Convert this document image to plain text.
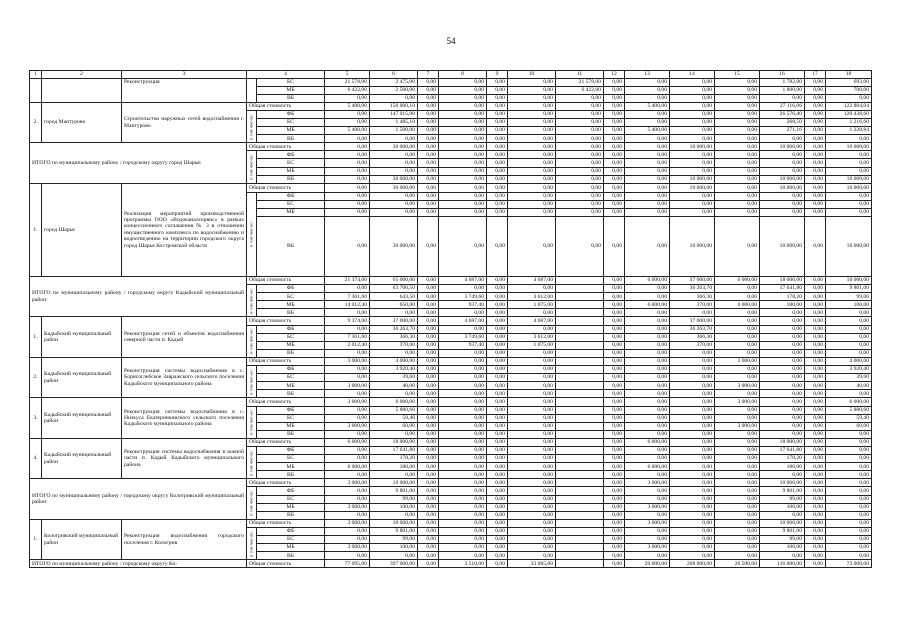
54
1	2	3	4		5	6	7	8	9	10	11	12	13	14	15	16	17	18
		Реконструкция		БС	21 578,00	2 475,00	0,00	0,00	0,00	0,00	21 578,00	0,00	0,00	0,00	0,00	1 782,00	0,00	693,00
				МБ	6 422,00	2 500,00	0,00	0,00	0,00	0,00	6 422,00	0,00	0,00	0,00	0,00	1 800,00	0,00	700,00
				ВБ	0,00	0,00	0,00	0,00	0,00	0,00	0,00	0,00	0,00	0,00	0,00	0,00	0,00	0,00
2.	город Мантурово	Строительство наружных сетей водоснабжения г. Мантурово	Общая стоимость		5 400,00	150 000,10	0,00	0,00	0,00	0,00	0,00	0,00	5 400,00	0,00	0,00	27 116,06	0,00	122 884,04

			в том чис-ле:	ФБ	0,00	147 015,00	0,00	0,00	0,00	0,00	0,00	0,00	0,00	0,00	0,00	26 576,40	0,00	120 438,60
				БС	0,00	1 485,10	0,00	0,00	0,00	0,00	0,00	0,00	0,00	0,00	0,00	268,50	0,00	1 216,60
				МБ	5 400,00	1 500,00	0,00	0,00	0,00	0,00	0,00	0,00	5 400,00	0,00	0,00	271,16	0,00	1 228,84
				ВБ	0,00	0,00	0,00	0,00	0,00	0,00	0,00	0,00	0,00	0,00	0,00	0,00	0,00	0,00
ИТОГО по муниципальному району / городскому округу город Шарья:			Общая стоимость		0,00	30 000,00	0,00	0,00	0,00	0,00	0,00	0,00	0,00	10 000,00	0,00	10 000,00	0,00	10 000,00

			в том чис-ле:	ФБ	0,00	0,00	0,00	0,00	0,00	0,00	0,00	0,00	0,00	0,00	0,00	0,00	0,00	0,00
				БС	0,00	0,00	0,00	0,00	0,00	0,00	0,00	0,00	0,00	0,00	0,00	0,00	0,00	0,00
				МБ	0,00	0,00	0,00	0,00	0,00	0,00	0,00	0,00	0,00	0,00	0,00	0,00	0,00	0,00
				ВБ	0,00	30 000,00	0,00	0,00	0,00	0,00	0,00	0,00	0,00	10 000,00	0,00	10 000,00	0,00	10 000,00
1.	город Шарья	Реализация мероприятий производственной программы ООО «Водоканалсервис» в рамках концессионного соглашения № 3 в отношении имущественного комплекса по водоснабжению и водоотведению на территории городского округа город Шарья Костромской области	Общая стоимость		0,00	30 000,00	0,00	0,00	0,00	0,00	0,00	0,00	0,00	10 000,00	0,00	10 000,00	0,00	10 000,00

			в том чис-ле:	ФБ	0,00	0,00	0,00	0,00	0,00	0,00	0,00	0,00	0,00	0,00	0,00	0,00	0,00	0,00
				БС	0,00	0,00	0,00	0,00	0,00	0,00	0,00	0,00	0,00	0,00	0,00	0,00	0,00	0,00
				МБ	0,00	0,00	0,00	0,00	0,00	0,00	0,00	0,00	0,00	0,00	0,00	0,00	0,00	0,00
				ВБ	0,00	30 000,00	0,00	0,00	0,00	0,00	0,00	0,00	0,00	10 000,00	0,00	10 000,00	0,00	10 000,00
ИТОГО по муниципальному району / городскому округу Кадыйский муниципальный район:			Общая стоимость		21 374,00	65 000,00	0,00	4 687,00	0,00	4 687,00		0,00	6 000,00	37 000,00	6 000,00	18 000,00	0,00	10 000,00

			в том чис-ле:	ФБ	0,00	63 706,50	0,00	0,00	0,00	0,00		0,00	0,00	36 263,70	0,00	17 641,80	0,00	9 801,00
				БС	7 361,60	643,50	0,00	3 749,60	0,00	3 612,00		0,00	0,00	366,30	0,00	178,20	0,00	99,00
				МБ	14 012,40	650,00	0,00	937,40	0,00	1 075,00		0,00	6 000,00	370,00	6 000,00	180,00	0,00	100,00
				ВБ	0,00	0,00	0,00	0,00	0,00	0,00		0,00	0,00	0,00	0,00	0,00	0,00	0,00
1.	Кадыйский муниципальный район	Реконструкция сетей и объектов водоснабжения северной части п. Кадый	Общая стоимость		9 374,00	37 000,00	0,00	4 687,00	0,00	4 687,00		0,00	0,00	37 000,00	0,00	0,00	0,00	0,00

			в том чис-ле:	ФБ	0,00	36 263,70	0,00	0,00	0,00	0,00		0,00	0,00	36 263,70	0,00	0,00	0,00	0,00
				БС	7 361,60	366,30	0,00	3 749,60	0,00	3 612,00		0,00	0,00	366,30	0,00	0,00	0,00	0,00
				МБ	2 012,40	370,00	0,00	937,40	0,00	1 075,00		0,00	0,00	370,00	0,00	0,00	0,00	0,00
				ВБ	0,00	0,00	0,00	0,00	0,00	0,00		0,00	0,00	0,00	0,00	0,00	0,00	0,00
2.	Кадыйский муниципальный район	Реконструкция системы водоснабжения в с. Борисоглебское Завражского сельского поселения Кадыйского муниципального района	Общая стоимость		3 000,00	4 000,00	0,00	0,00	0,00	0,00		0,00	0,00	0,00	3 000,00	0,00	0,00	4 000,00

			в том чис-ле:	ФБ	0,00	3 920,40	0,00	0,00	0,00	0,00		0,00	0,00	0,00	0,00	0,00	0,00	3 920,40
				БС	0,00	39,60	0,00	0,00	0,00	0,00		0,00	0,00	0,00	0,00	0,00	0,00	39,60
				МБ	3 000,00	40,00	0,00	0,00	0,00	0,00		0,00	0,00	0,00	3 000,00	0,00	0,00	40,00
				ВБ	0,00	0,00	0,00	0,00	0,00	0,00		0,00	0,00	0,00	0,00	0,00	0,00	0,00
3.	Кадыйский муниципальный район	Реконструкция системы водоснабжения в с. Низкуса Екатеринкинского сельского поселения Кадыйского муниципального района	Общая стоимость		3 000,00	6 000,00	0,00	0,00	0,00	0,00		0,00	0,00	0,00	3 000,00	0,00	0,00	6 000,00

			в том чис-ле:	ФБ	0,00	5 880,60	0,00	0,00	0,00	0,00		0,00	0,00	0,00	0,00	0,00	0,00	5 880,60
				БС	0,00	59,40	0,00	0,00	0,00	0,00		0,00	0,00	0,00	0,00	0,00	0,00	59,40
				МБ	3 000,00	60,00	0,00	0,00	0,00	0,00		0,00	0,00	0,00	3 000,00	0,00	0,00	60,00
				ВБ	0,00	0,00	0,00	0,00	0,00	0,00		0,00	0,00	0,00	0,00	0,00	0,00	0,00
4.	Кадыйский муниципальный район	Реконструкция системы водоснабжения в южной части п. Кадый Кадыйского муниципального района	Общая стоимость		6 000,00	18 000,00	0,00	0,00	0,00	0,00		0,00	6 000,00	0,00	0,00	18 000,00	0,00	0,00

			в том чис-ле:	ФБ	0,00	17 641,80	0,00	0,00	0,00	0,00		0,00	0,00	0,00	0,00	17 641,80	0,00	0,00
				БС	0,00	178,20	0,00	0,00	0,00	0,00		0,00	0,00	0,00	0,00	178,20	0,00	0,00
				МБ	6 000,00	180,00	0,00	0,00	0,00	0,00		0,00	6 000,00	0,00	0,00	180,00	0,00	0,00
				ВБ	0,00	0,00	0,00	0,00	0,00	0,00		0,00	0,00	0,00	0,00	0,00	0,00	0,00
ИТОГО по муниципальному району / городскому округу Кологривский муниципальный район:			Общая стоимость		3 000,00	10 000,00	0,00	0,00	0,00	0,00		0,00	3 000,00	0,00	0,00	10 000,00	0,00	0,00

			в том чис-ле:	ФБ	0,00	9 801,00	0,00	0,00	0,00	0,00		0,00	0,00	0,00	0,00	9 801,00	0,00	0,00
				БС	0,00	99,00	0,00	0,00	0,00	0,00		0,00	0,00	0,00	0,00	99,00	0,00	0,00
				МБ	3 000,00	100,00	0,00	0,00	0,00	0,00		0,00	3 000,00	0,00	0,00	100,00	0,00	0,00
				ВБ	0,00	0,00	0,00	0,00	0,00	0,00		0,00	0,00	0,00	0,00	0,00	0,00	0,00
1.	Кологривский муниципальный район	Реконструкция водоснабжения городского поселения г. Кологрив	Общая стоимость		3 000,00	10 000,00	0,00	0,00	0,00	0,00		0,00	3 000,00	0,00	0,00	10 000,00	0,00	0,00

			в том чис-ле:	ФБ	0,00	9 801,00	0,00	0,00	0,00	0,00		0,00	0,00	0,00	0,00	9 801,00	0,00	0,00
				БС	0,00	99,00	0,00	0,00	0,00	0,00		0,00	0,00	0,00	0,00	99,00	0,00	0,00
				МБ	3 000,00	100,00	0,00	0,00	0,00	0,00		0,00	3 000,00	0,00	0,00	100,00	0,00	0,00
				ВБ	0,00	0,00	0,00	0,00	0,00	0,00		0,00	0,00	0,00	0,00	0,00	0,00	0,00
ИТОГО по муниципальному району / городскому округу Ко-			Общая стоимость		77 095,00	397 000,00	0,00	3 510,00	0,00	33 085,00		0,00	20 000,00	208 000,00	20 500,00	116 000,00	0,00	73 000,00
